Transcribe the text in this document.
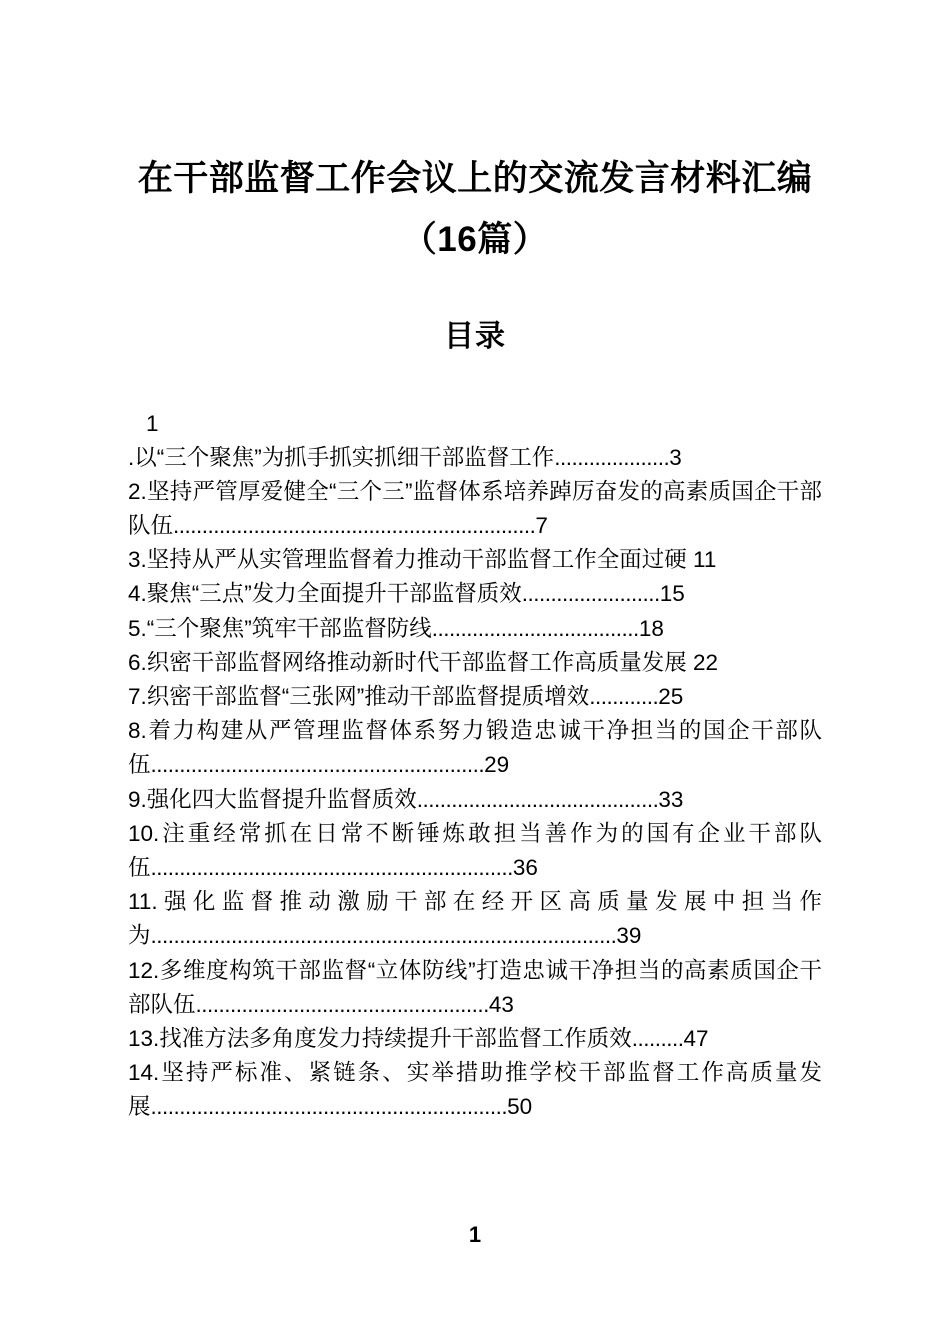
在干部监督工作会议上的交流发言材料汇编（16篇）
目录
1
.以“三个聚焦”为抓手抓实抓细干部监督工作....................3
2.坚持严管厚爱健全“三个三”监督体系培养踔厉奋发的高素质国企干部队伍...............................................................7
3.坚持从严从实管理监督着力推动干部监督工作全面过硬 11
4.聚焦“三点”发力全面提升干部监督质效........................15
5.“三个聚焦”筑牢干部监督防线....................................18
6.织密干部监督网络推动新时代干部监督工作高质量发展 22
7.织密干部监督“三张网”推动干部监督提质增效............25
8.着力构建从严管理监督体系努力锻造忠诚干净担当的国企干部队伍..........................................................29
9.强化四大监督提升监督质效..........................................33
10.注重经常抓在日常不断锤炼敢担当善作为的国有企业干部队伍...............................................................36
11.强化监督推动激励干部在经开区高质量发展中担当作为.................................................................................39
12.多维度构筑干部监督“立体防线”打造忠诚干净担当的高素质国企干部队伍...................................................43
13.找准方法多角度发力持续提升干部监督工作质效.........47
14.坚持严标准、紧链条、实举措助推学校干部监督工作高质量发展..............................................................50
1
